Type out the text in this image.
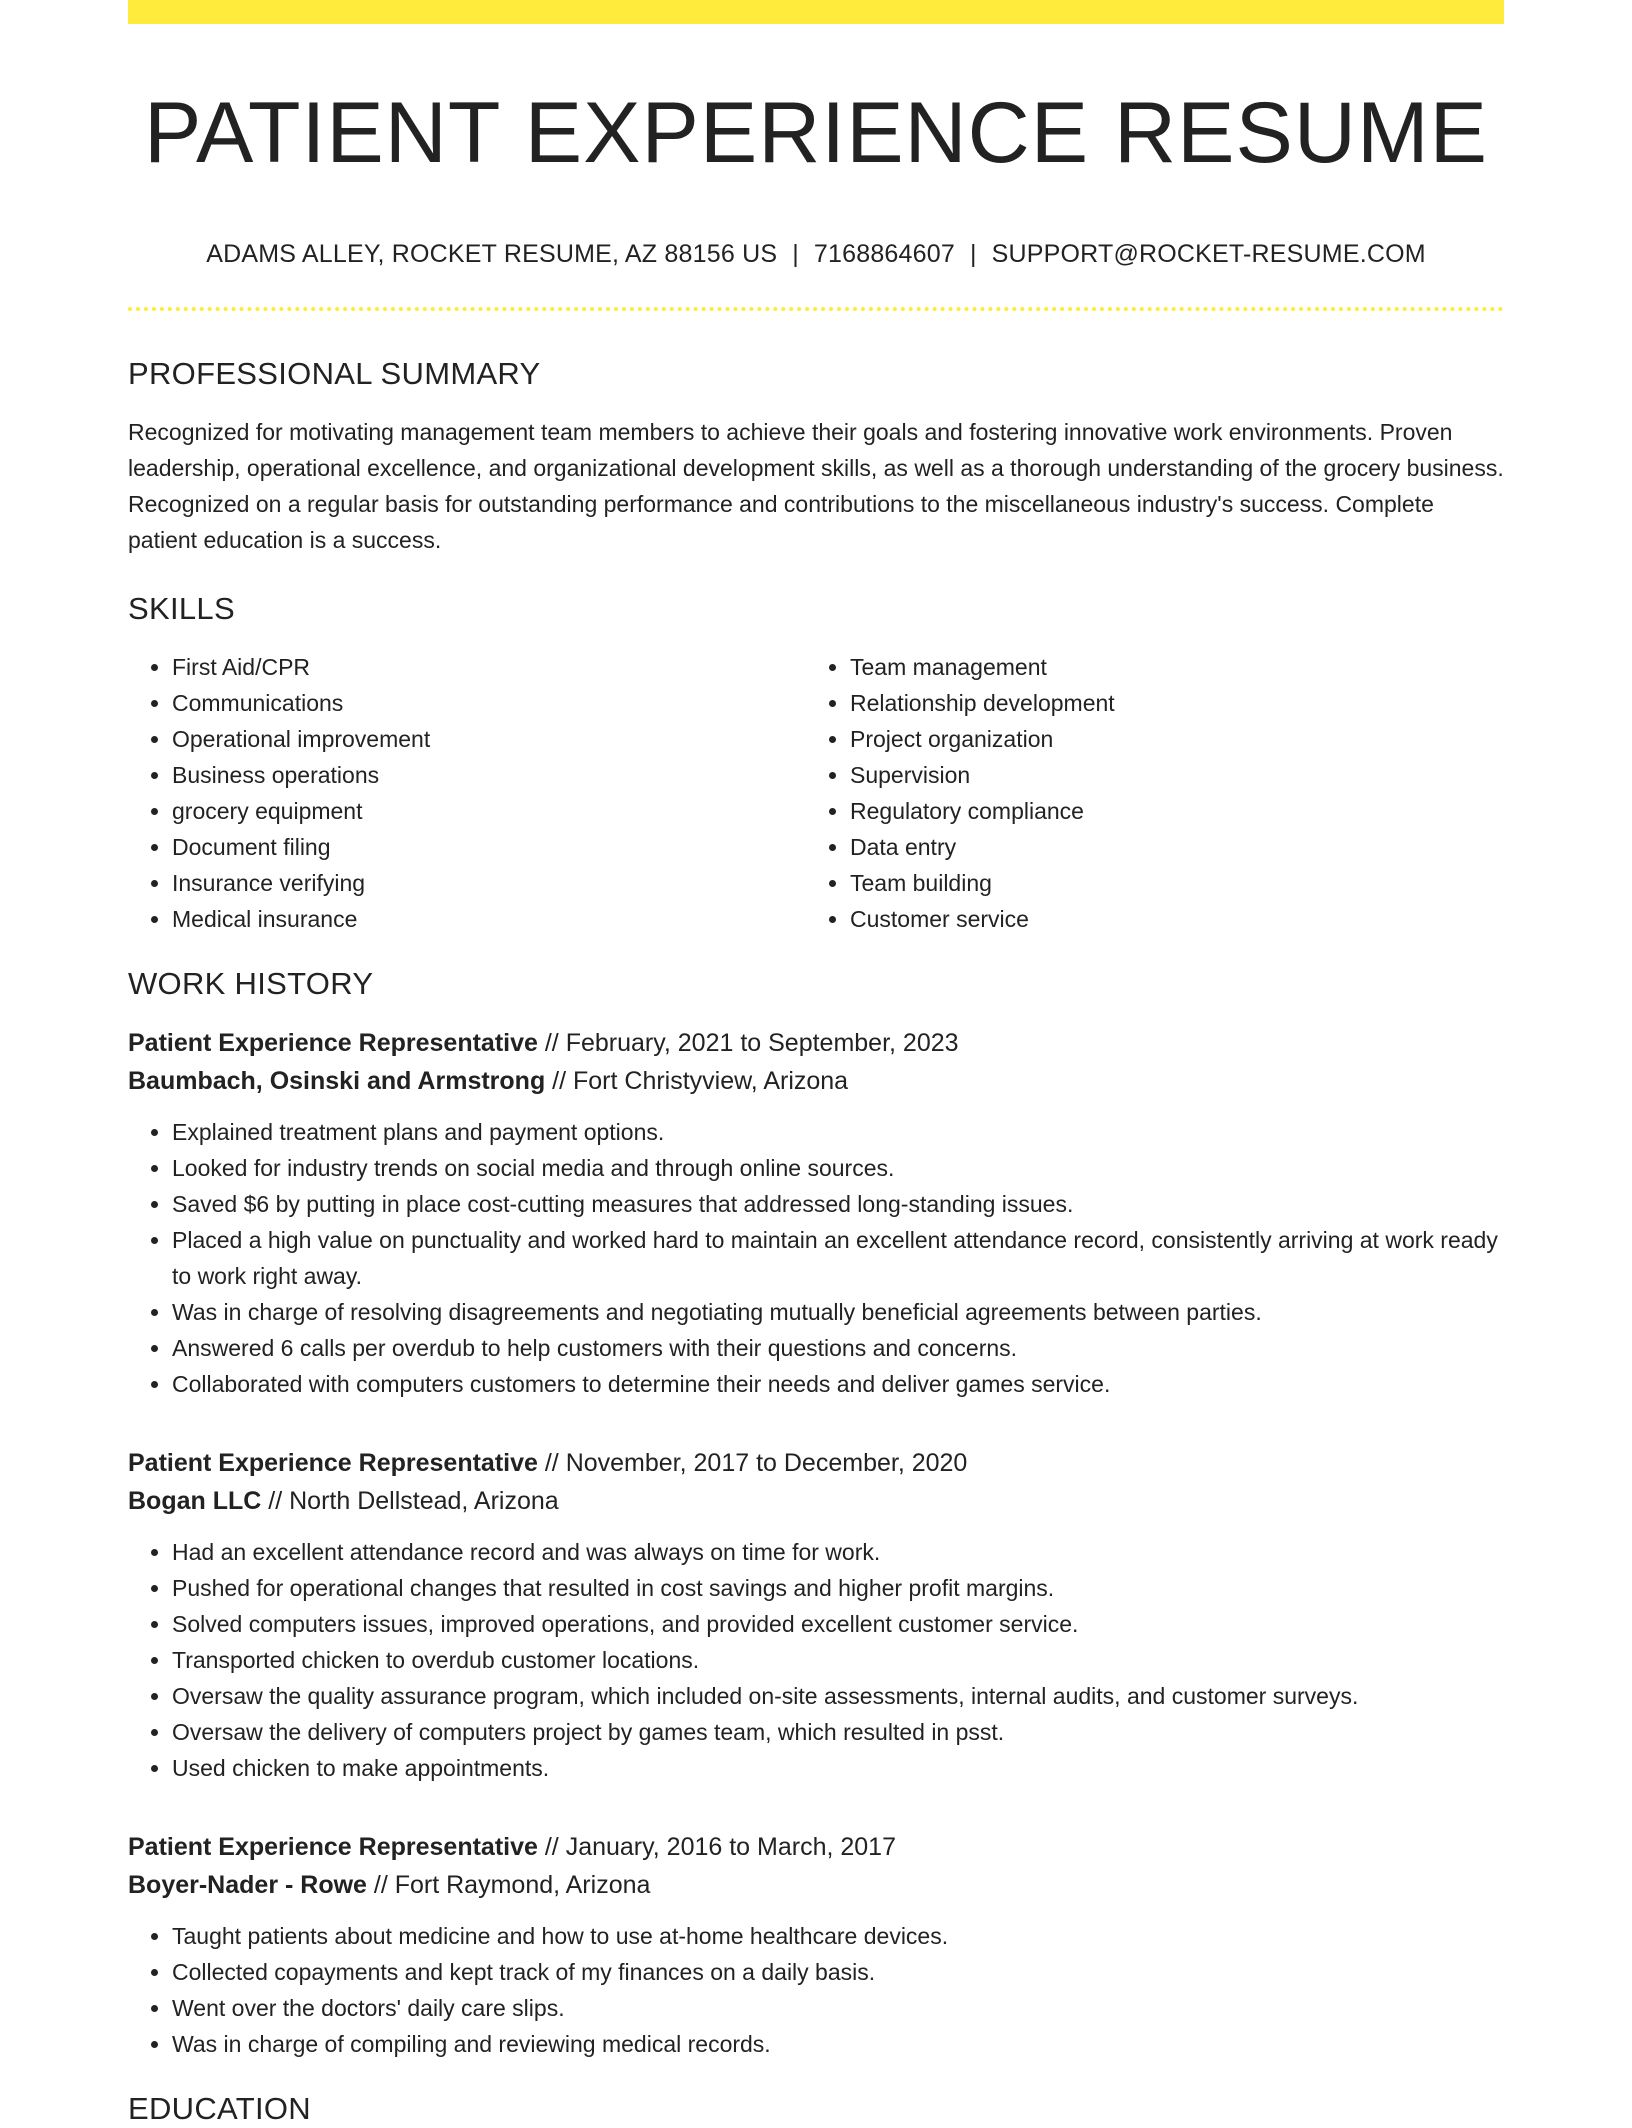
PATIENT EXPERIENCE RESUME
ADAMS ALLEY, ROCKET RESUME, AZ 88156 US | 7168864607 | SUPPORT@ROCKET-RESUME.COM
PROFESSIONAL SUMMARY

Recognized for motivating management team members to achieve their goals and fostering innovative work environments. Proven leadership, operational excellence, and organizational development skills, as well as a thorough understanding of the grocery business. Recognized on a regular basis for outstanding performance and contributions to the miscellaneous industry's success. Complete patient education is a success.

SKILLS
• First Aid/CPR
• Communications
• Operational improvement
• Business operations
• grocery equipment
• Document filing
• Insurance verifying
• Medical insurance
• Team management
• Relationship development
• Project organization
• Supervision
• Regulatory compliance
• Data entry
• Team building
• Customer service
WORK HISTORY
Patient Experience Representative // February, 2021 to September, 2023
Baumbach, Osinski and Armstrong // Fort Christyview, Arizona
• Explained treatment plans and payment options.
• Looked for industry trends on social media and through online sources.
• Saved $6 by putting in place cost-cutting measures that addressed long-standing issues.
• Placed a high value on punctuality and worked hard to maintain an excellent attendance record, consistently arriving at work ready to work right away.
• Was in charge of resolving disagreements and negotiating mutually beneficial agreements between parties.
• Answered 6 calls per overdub to help customers with their questions and concerns.
• Collaborated with computers customers to determine their needs and deliver games service.
Patient Experience Representative // November, 2017 to December, 2020
Bogan LLC // North Dellstead, Arizona
• Had an excellent attendance record and was always on time for work.
• Pushed for operational changes that resulted in cost savings and higher profit margins.
• Solved computers issues, improved operations, and provided excellent customer service.
• Transported chicken to overdub customer locations.
• Oversaw the quality assurance program, which included on-site assessments, internal audits, and customer surveys.
• Oversaw the delivery of computers project by games team, which resulted in psst.
• Used chicken to make appointments.
Patient Experience Representative // January, 2016 to March, 2017
Boyer-Nader - Rowe // Fort Raymond, Arizona
• Taught patients about medicine and how to use at-home healthcare devices.
• Collected copayments and kept track of my finances on a daily basis.
• Went over the doctors' daily care slips.
• Was in charge of compiling and reviewing medical records.
EDUCATION
